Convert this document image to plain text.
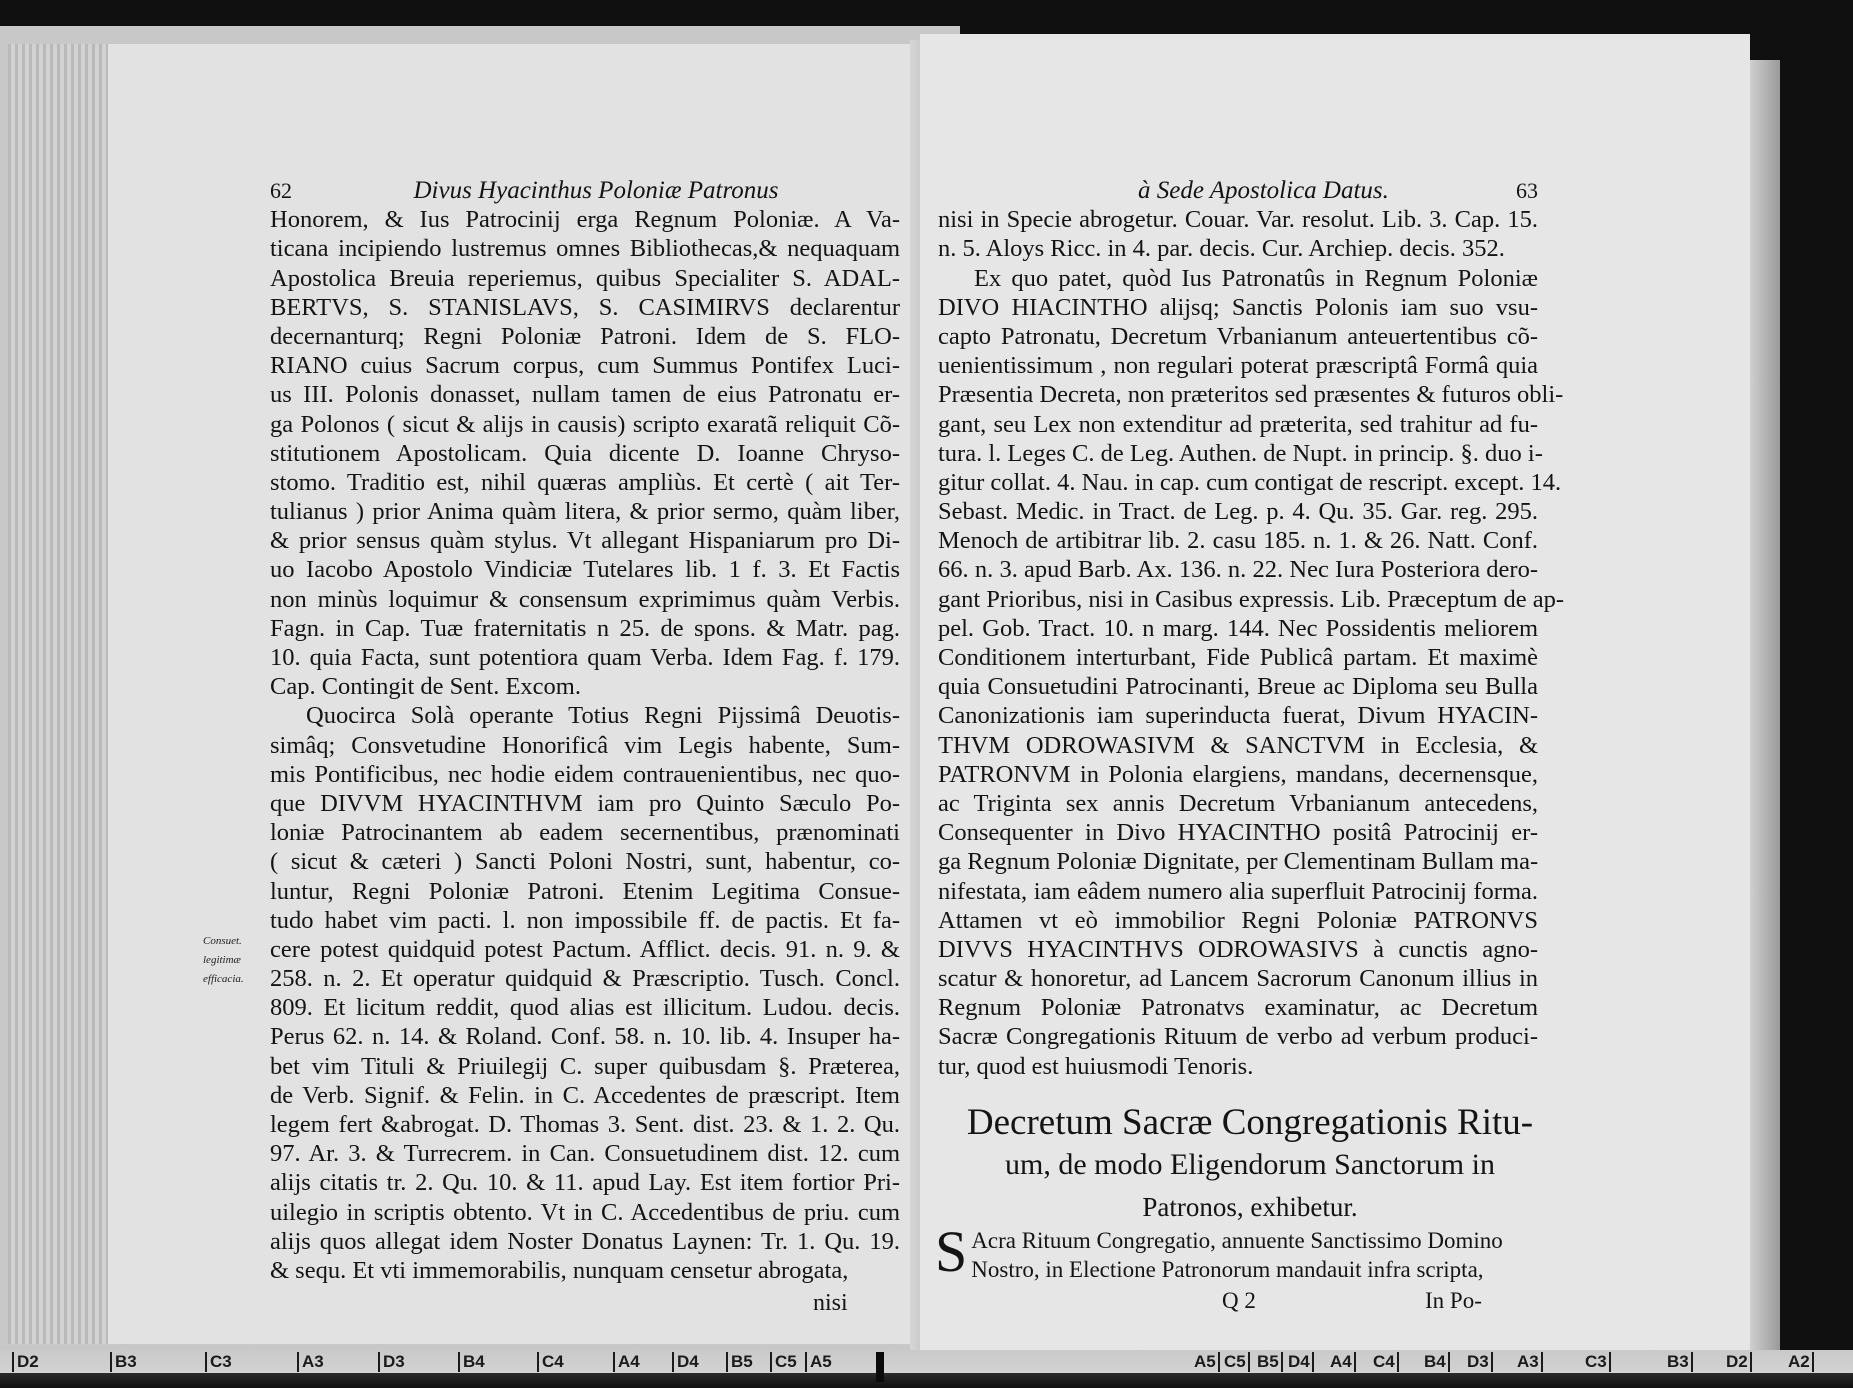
62	Divus Hyacinthus Poloniæ Patronus
Honorem, & Ius Patrocinij erga Regnum Poloniæ. A Va-
ticana incipiendo lustremus omnes Bibliothecas,& nequaquam
Apostolica Breuia reperiemus, quibus Specialiter S. ADAL-
BERTVS, S. STANISLAVS, S. CASIMIRVS declarentur
decernanturq; Regni Poloniæ Patroni. Idem de S. FLO-
RIANO cuius Sacrum corpus, cum Summus Pontifex Luci-
us III. Polonis donasset, nullam tamen de eius Patronatu er-
ga Polonos ( sicut & alijs in causis) scripto exaratã reliquit Cõ-
stitutionem Apostolicam. Quia dicente D. Ioanne Chryso-
stomo. Traditio est, nihil quæras ampliùs. Et certè ( ait Ter-
tulianus ) prior Anima quàm litera, & prior sermo, quàm liber,
& prior sensus quàm stylus. Vt allegant Hispaniarum pro Di-
uo Iacobo Apostolo Vindiciæ Tutelares lib. 1 f. 3. Et Factis
non minùs loquimur & consensum exprimimus quàm Verbis.
Fagn. in Cap. Tuæ fraternitatis n 25. de spons. & Matr. pag.
10. quia Facta, sunt potentiora quam Verba. Idem Fag. f. 179.
Cap. Contingit de Sent. Excom.
Quocirca Solà operante Totius Regni Pijssimâ Deuotis-
simâq; Consvetudine Honorificâ vim Legis habente, Sum-
mis Pontificibus, nec hodie eidem contrauenientibus, nec quo-
que DIVVM HYACINTHVM iam pro Quinto Sæculo Po-
loniæ Patrocinantem ab eadem secernentibus, prænominati
( sicut & cæteri ) Sancti Poloni Nostri, sunt, habentur, co-
luntur, Regni Poloniæ Patroni. Etenim Legitima Consue-
tudo habet vim pacti. l. non impossibile ff. de pactis. Et fa-
cere potest quidquid potest Pactum. Afflict. decis. 91. n. 9. &
258. n. 2. Et operatur quidquid & Præscriptio. Tusch. Concl.
809. Et licitum reddit, quod alias est illicitum. Ludou. decis.
Perus 62. n. 14. & Roland. Conf. 58. n. 10. lib. 4. Insuper ha-
bet vim Tituli & Priuilegij C. super quibusdam §. Præterea,
de Verb. Signif. & Felin. in C. Accedentes de præscript. Item
legem fert &abrogat. D. Thomas 3. Sent. dist. 23. & 1. 2. Qu.
97. Ar. 3. & Turrecrem. in Can. Consuetudinem dist. 12. cum
alijs citatis tr. 2. Qu. 10. & 11. apud Lay. Est item fortior Pri-
uilegio in scriptis obtento. Vt in C. Accedentibus de priu. cum
alijs quos allegat idem Noster Donatus Laynen: Tr. 1. Qu. 19.
& sequ. Et vti immemorabilis, nunquam censetur abrogata,
Consuet.
legitimæ
efficacia.
nisi
à Sede Apostolica Datus.	63
nisi in Specie abrogetur. Couar. Var. resolut. Lib. 3. Cap. 15.
n. 5. Aloys Ricc. in 4. par. decis. Cur. Archiep. decis. 352.
Ex quo patet, quòd Ius Patronatûs in Regnum Poloniæ
DIVO HIACINTHO alijsq; Sanctis Polonis iam suo vsu-
capto Patronatu, Decretum Vrbanianum anteuertentibus cõ-
uenientissimum , non regulari poterat præscriptâ Formâ quia
Præsentia Decreta, non præteritos sed præsentes & futuros obli-
gant, seu Lex non extenditur ad præterita, sed trahitur ad fu-
tura. l. Leges C. de Leg. Authen. de Nupt. in princip. §. duo i-
gitur collat. 4. Nau. in cap. cum contigat de rescript. except. 14.
Sebast. Medic. in Tract. de Leg. p. 4. Qu. 35. Gar. reg. 295.
Menoch de artibitrar lib. 2. casu 185. n. 1. & 26. Natt. Conf.
66. n. 3. apud Barb. Ax. 136. n. 22. Nec Iura Posteriora dero-
gant Prioribus, nisi in Casibus expressis. Lib. Præceptum de ap-
pel. Gob. Tract. 10. n marg. 144. Nec Possidentis meliorem
Conditionem interturbant, Fide Publicâ partam. Et maximè
quia Consuetudini Patrocinanti, Breue ac Diploma seu Bulla
Canonizationis iam superinducta fuerat, Divum HYACIN-
THVM ODROWASIVM & SANCTVM in Ecclesia, &
PATRONVM in Polonia elargiens, mandans, decernensque,
ac Triginta sex annis Decretum Vrbanianum antecedens,
Consequenter in Divo HYACINTHO positâ Patrocinij er-
ga Regnum Poloniæ Dignitate, per Clementinam Bullam ma-
nifestata, iam eâdem numero alia superfluit Patrocinij forma.
Attamen vt eò immobilior Regni Poloniæ PATRONVS
DIVVS HYACINTHVS ODROWASIVS à cunctis agno-
scatur & honoretur, ad Lancem Sacrorum Canonum illius in
Regnum Poloniæ Patronatvs examinatur, ac Decretum
Sacræ Congregationis Rituum de verbo ad verbum produci-
tur, quod est huiusmodi Tenoris.
Decretum Sacræ Congregationis Ritu-
um, de modo Eligendorum Sanctorum in
Patronos, exhibetur.
S Acra Rituum Congregatio, annuente Sanctissimo Domino
Nostro, in Electione Patronorum mandauit infra scripta,
Q 2	In Po-
D2	B3	C3	A3	D3	B4	C4	A4 D4 B5 C5 A5	A5 C5 B5 D4 A4 C4 B4 D3 A3	C3	B3 D2 A2
